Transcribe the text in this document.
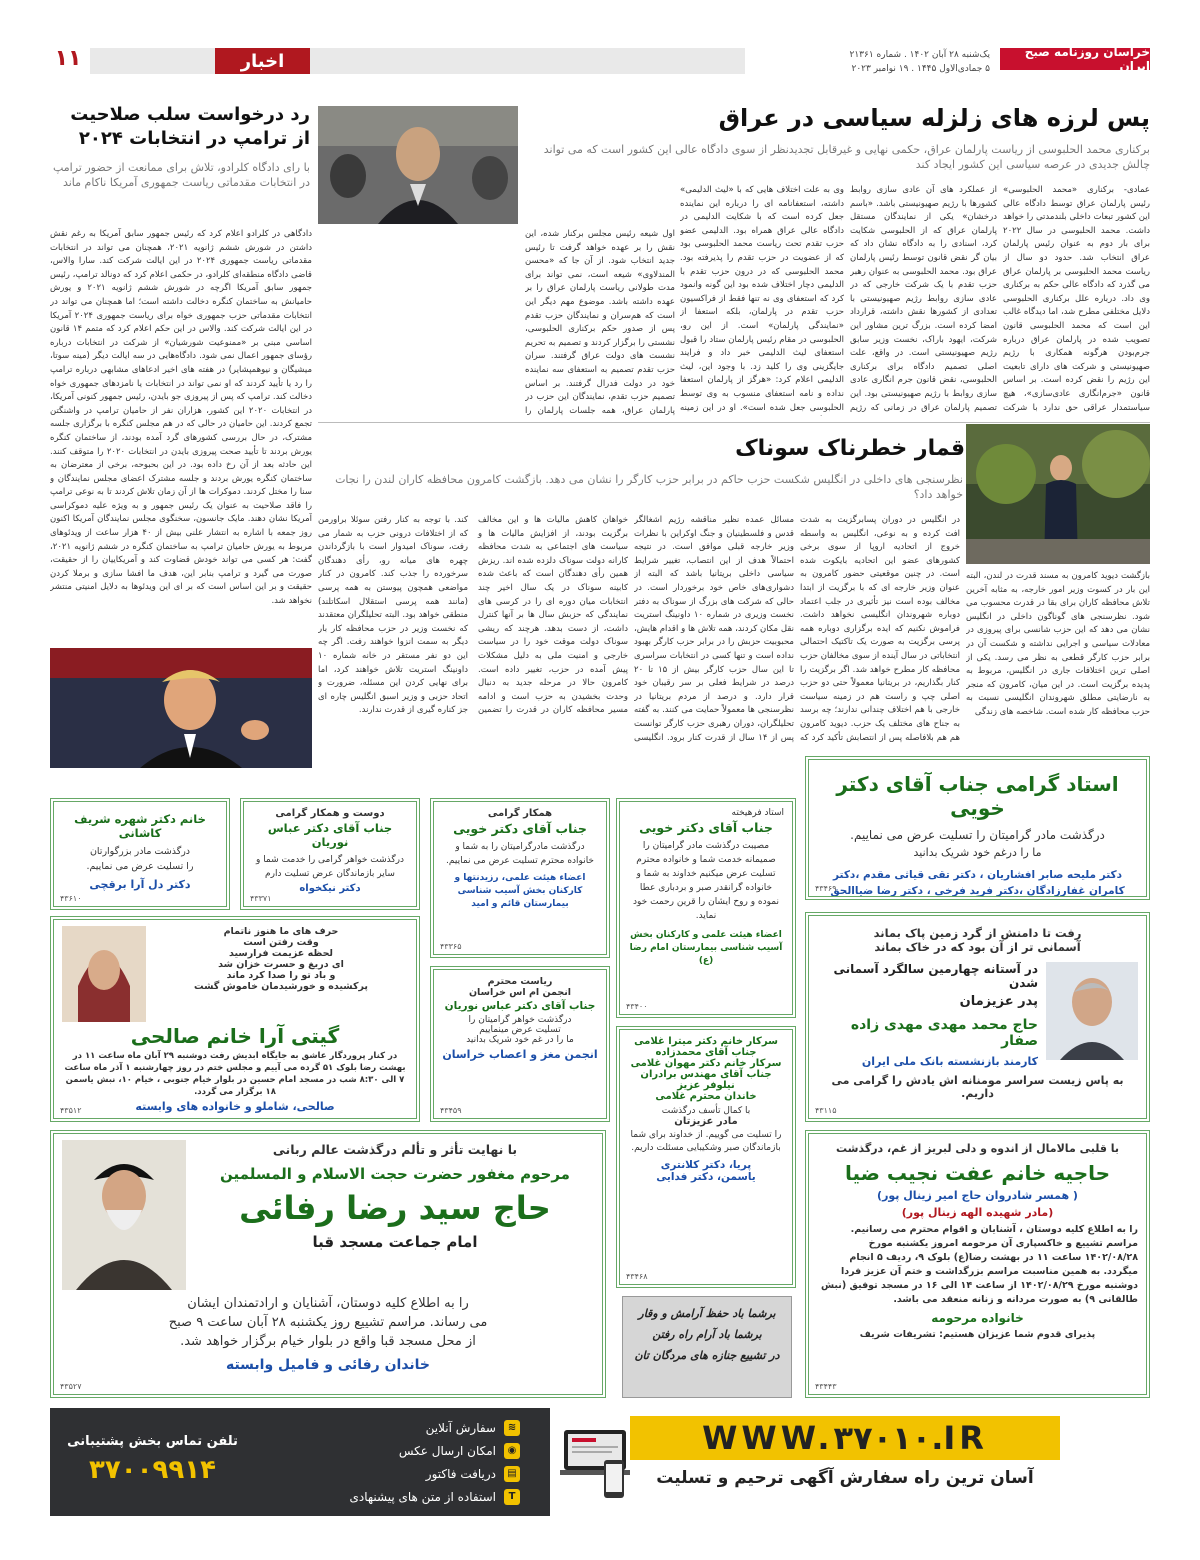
خراسان روزنامه صبح ایران
یک‌شنبه ۲۸ آبان ۱۴۰۲ . شماره ۲۱۳۶۱
۵ جمادی‌الاول ۱۴۴۵ . ۱۹ نوامبر ۲۰۲۳
اخبار
۱۱
پس لرزه های زلزله سیاسی در عراق
برکناری محمد الحلبوسی از ریاست پارلمان عراق، حکمی نهایی و غیرقابل تجدیدنظر از سوی دادگاه عالی این کشور است که می تواند چالش جدیدی در عرصه سیاسی این کشور ایجاد کند
عمادی- برکناری «محمد الحلبوسی» رئیس پارلمان عراق توسط دادگاه عالی این کشور تبعات داخلی بلندمدتی را خواهد داشت. محمد الحلبوسی در سال ۲۰۲۲ برای بار دوم به عنوان رئیس پارلمان عراق انتخاب شد. حدود دو سال از ریاست محمد الحلبوسی بر پارلمان عراق می گذرد که دادگاه عالی حکم به برکناری وی داد. درباره علل برکناری الحلبوسی دلایل مختلفی مطرح شد، اما دیدگاه غالب این است که محمد الحلبوسی قانون تصویب شده در پارلمان عراق درباره جرم‌بودن هرگونه همکاری با رژیم صهیونیستی و شرکت های دارای تابعیت این رژیم را نقض کرده است. بر اساس قانون «جرم‌انگاری عادی‌سازی»، هیچ سیاستمدار عراقی حق ندارد با شرکت
از عملکرد های آن عادی سازی روابط کشورها با رژیم صهیونیستی باشد. «باسم درخشان» یکی از نمایندگان مستقل پارلمان عراق که از الحلبوسی شکایت کرد، اسنادی را به دادگاه نشان داد که بیان گر نقض قانون توسط رئیس پارلمان عراق بود. محمد الحلبوسی به عنوان رهبر حزب تقدم با یک شرکت خارجی که در عادی سازی روابط رژیم صهیونیستی با تعدادی از کشورها نقش داشته، قرارداد امضا کرده است. بزرگ ترین مشاور این شرکت، ایهود باراک، نخست وزیر سابق رژیم صهیونیستی است. در واقع، علت اصلی تصمیم دادگاه برای برکناری الحلبوسی، نقض قانون جرم انگاری عادی سازی روابط با رژیم صهیونیستی بود. این تصمیم پارلمان عراق در زمانی که رژیم
وی به علت اختلاف هایی که با «لیث الدلیمی» داشته، استعفانامه ای را درباره این نماینده جعل کرده است که با شکایت الدلیمی در دادگاه عالی عراق همراه بود. الدلیمی عضو حزب تقدم تحت ریاست محمد الحلبوسی بود که از عضویت در حزب تقدم را پذیرفته بود. محمد الحلبوسی که در درون حزب تقدم با الدلیمی دچار اختلاف شده بود این گونه وانمود کرد که استعفای وی نه تنها فقط از فراکسیون حزب تقدم در پارلمان، بلکه استعفا از «نمایندگی پارلمان» است. از این رو، الحلبوسی در مقام رئیس پارلمان ستاد را قبول استعفای لیث الدلیمی خبر داد و فرایند جایگزینی وی را کلید زد. با وجود این، لیث الدلیمی اعلام کرد: «هرگز از پارلمان استعفا نداده و نامه استعفای منسوب به وی توسط الحلبوسی جعل شده است». او در این زمینه
اول شیعه رئیس مجلس برکنار شده، این نقش را بر عهده خواهد گرفت تا رئیس جدید انتخاب شود. از آن جا که «محسن المندلاوی» شیعه است، نمی تواند برای مدت طولانی ریاست پارلمان عراق را بر عهده داشته باشد. موضوع مهم دیگر این است که هم‌سران و نمایندگان حزب تقدم پس از صدور حکم برکناری الحلبوسی، نشستی را برگزار کردند و تصمیم به تحریم نشست های دولت عراق گرفتند. سران حزب تقدم تصمیم به استعفای سه نماینده خود در دولت فدرال گرفتند. بر اساس تصمیم حزب تقدم، نمایندگان این حزب در پارلمان عراق، همه جلسات پارلمان را
رد درخواست سلب صلاحیت
از ترامپ در انتخابات ۲۰۲۴
با رای دادگاه کلرادو، تلاش برای ممانعت از حضور ترامپ در انتخابات مقدماتی ریاست جمهوری آمریکا ناکام ماند
دادگاهی در کلرادو اعلام کرد که رئیس جمهور سابق آمریکا به رغم نقش داشتن در شورش ششم ژانویه ۲۰۲۱، همچنان می تواند در انتخابات مقدماتی ریاست جمهوری ۲۰۲۴ در این ایالت شرکت کند. سارا والاس، قاضی دادگاه منطقه‌ای کلرادو، در حکمی اعلام کرد که دونالد ترامپ، رئیس جمهور سابق آمریکا اگرچه در شورش ششم ژانویه ۲۰۲۱ و یورش حامیانش به ساختمان کنگره دخالت داشته است؛ اما همچنان می تواند در انتخابات مقدماتی حزب جمهوری خواه برای ریاست جمهوری ۲۰۲۴ آمریکا در این ایالت شرکت کند. والاس در این حکم اعلام کرد که متمم ۱۴ قانون اساسی مبنی بر «ممنوعیت شورشیان» از شرکت در انتخابات درباره رؤسای جمهور اعمال نمی شود. دادگاه‌هایی در سه ایالت دیگر (مینه سوتا، میشیگان و نیوهمپشایر) در هفته های اخیر ادعاهای مشابهی درباره ترامپ را رد یا تأیید کردند که او نمی تواند در انتخابات یا نامزدهای جمهوری خواه دخالت کند. ترامپ که پس از پیروزی جو بایدن، رئیس جمهور کنونی آمریکا، در انتخابات ۲۰۲۰ این کشور، هزاران نفر از حامیان ترامپ در واشنگتن تجمع کردند. این حامیان در حالی که در هم مجلس کنگره با برگزاری جلسه مشترک، در حال بررسی کشورهای گرد آمده بودند، از ساختمان کنگره یورش بردند تا تأیید صحت پیروزی بایدن در انتخابات ۲۰۲۰ را متوقف کنند. این حادثه بعد از آن رخ داده بود. در این بحبوحه، برخی از معترضان به ساختمان کنگره یورش بردند و جلسه مشترک اعضای مجلس نمایندگان و سنا را مختل کردند. دموکرات ها از آن زمان تلاش کردند تا به نوعی ترامپ را فاقد صلاحیت به عنوان یک رئیس جمهور و به ویژه علیه دموکراسی آمریکا نشان دهند. مایک جانسون، سخنگوی مجلس نمایندگان آمریکا اکنون روز جمعه با اشاره به انتشار علنی بیش از ۴۰ هزار ساعت از ویدئوهای مربوط به یورش حامیان ترامپ به ساختمان کنگره در ششم ژانویه ۲۰۲۱، گفت: هر کسی می تواند خودش قضاوت کند و آمریکاییان را از حقیقت، صورت می گیرد و ترامپ بنابر این، هدف ما افشا سازی و برملا کردن حقیقت و بر این اساس است که بر ای این ویدئوها به دلایل امنیتی منتشر نخواهد شد.
قمار خطرناک سوناک
نظرسنجی های داخلی در انگلیس شکست حزب حاکم در برابر حزب کارگر را نشان می دهد. بازگشت کامرون محافظه کاران لندن را نجات خواهد داد؟
بازگشت دیوید کامرون به مسند قدرت در لندن، البته این بار در کسوت وزیر امور خارجه، به مثابه آخرین تلاش محافظه کاران برای بقا در قدرت محسوب می شود. نظرسنجی های گوناگون داخلی در انگلیس نشان می دهد که این حزب شانسی برای پیروزی در معادلات سیاسی و اجرایی نداشته و شکست آن در برابر حزب کارگر قطعی به نظر می رسد. یکی از اصلی ترین اختلافات جاری در انگلیس، مربوط به پدیده برگزیت است. در این میان، کامرون که منجر به نارضایتی مطلق شهروندان انگلیسی نسبت به حزب محافظه کار شده است. شاخصه های زندگی
در انگلیس در دوران پسابرگزیت به شدت افت کرده و به نوعی، انگلیس به واسطه خروج از اتحادیه اروپا از سوی برخی کشورهای عضو این اتحادیه بایکوت شده است. در چنین موقعیتی حضور کامرون به عنوان وزیر خارجه ای که با برگزیت از ابتدا مخالف بوده است نیز تأثیری در جلب اعتماد دوباره شهروندان انگلیسی نخواهد داشت. فراموش نکنیم که ایده برگزاری دوباره همه پرسی برگزیت به صورت یک تاکتیک احتمالی انتخاباتی در سال آینده از سوی مخالفان حزب محافظه کار مطرح خواهد شد. اگر برگزیت را کنار بگذاریم، در بریتانیا معمولاً حتی دو حزب اصلی چپ و راست هم در زمینه سیاست خارجی با هم اختلاف چندانی ندارند؛ چه برسد به جناح های مختلف یک حزب. دیوید کامرون هم هم بلافاصله پس از انتصابش تأکید کرد که
مسائل عمده نظیر مناقشه رژیم اشغالگر قدس و فلسطینیان و جنگ اوکراین با نظرات وزیر خارجه قبلی موافق است. در نتیجه احتمالاً هدف از این انتصاب، تغییر شرایط سیاسی داخلی بریتانیا باشد که البته از دشواری‌های خاص خود برخوردار است. در حالی که شرکت های بزرگ از سوناک به دفتر نخست وزیری در شماره ۱۰ داونینگ استریت نقل مکان کردند، همه تلاش ها و اقدام هایش، محبوبیت حزبش را در برابر حزب کارگر بهبود نداده است و تنها کسی در انتخابات سراسری تا این سال حزب کارگر بیش از ۱۵ تا ۲۰ درصد در شرایط فعلی بر سر رقیبان خود قرار دارد. و درصد از مردم بریتانیا در نظرسنجی ها معمولاً حمایت می کنند. به گفته تحلیلگران، دوران رهبری حزب کارگر توانست پس از ۱۴ سال از قدرت کنار برود. انگلیسی
خواهان کاهش مالیات ها و این مخالف برگزیت بودند، از افزایش مالیات ها و سیاست های اجتماعی به شدت محافظه کارانه دولت سوناک دلزده شده اند. ریزش همین رأی دهندگان است که باعث شده کابینه سوناک در یک سال اخیر چند انتخابات میان دوره ای را در کرسی های نمایندگی که حزبش سال ها بر آنها کنترل داشت، از دست بدهد. هرچند که ریشی سوناک دولت موقت خود را در سیاست خارجی و امنیت ملی به دلیل مشکلات پیش آمده در حزب، تغییر داده است. کامرون حالا در مرحله جدید به دنبال وحدت بخشیدن به حزب است و ادامه مسیر محافظه کاران در قدرت را تضمین کند. با توجه به کنار رفتن سوئلا براورمن که از اختلافات درونی حزب به شمار می رفت، سوناک امیدوار است با بازگرداندن چهره های میانه رو، رأی دهندگان سرخورده را جذب کند. کامرون در کنار مواضعی همچون پیوستن به همه پرسی (مانند همه پرسی استقلال اسکاتلند) منطقی خواهد بود. البته تحلیلگران معتقدند که نخست وزیر در حزب محافظه کار بار دیگر به سمت انزوا خواهند رفت. اگر چه این دو نفر مستقر در خانه شماره ۱۰ داونینگ استریت تلاش خواهند کرد، اما برای نهایی کردن این مسئله، ضرورت و اتحاد حزبی و وزیر اسبق انگلیس چاره ای جز کناره گیری از قدرت ندارند.
استاد گرامی جناب آقای دکتر خویی
درگذشت مادر گرامیتان را تسلیت عرض می نماییم.
ما را درغم خود شریک بدانید
دکتر ملیحه صابر افشاریان ، دکتر تقی قیاثی مقدم ،دکتر
کامران غفارزادگان ،دکتر فرید فرخی ، دکتر رضا ضیاالحق
۴۳۴۶۹
رفت تا دامنش از گرد زمین پاک بماند
آسمانی تر از آن بود که در خاک بماند
در آستانه چهارمین سالگرد آسمانی شدن
پدر عزیزمان
حاج محمد مهدی مهدی زاده صفار
کارمند بازنشسته بانک ملی ایران
به پاس زیست سراسر مومنانه اش یادش را گرامی می داریم.
۴۳۱۱۵
استاد فرهیخته
جناب آقای دکتر خویی
مصیبت درگذشت مادر گرامیتان را صمیمانه خدمت شما و خانواده محترم تسلیت عرض میکنیم خداوند به شما و خانواده گرانقدر صبر و بردباری عطا نموده و روح ایشان را قرین رحمت خود نماید.
اعضاء هیئت علمی و کارکنان بخش آسیب شناسی بیمارستان امام رضا (ع)
۴۳۴۰۰
همکار گرامی
جناب آقای دکتر خویی
درگذشت مادرگرامیتان را به شما و خانواده محترم تسلیت عرض می نماییم.
اعضاء هیئت علمی، رزیدنتها و کارکنان بخش آسیب شناسی بیمارستان قائم و امید
۴۳۳۶۵
دوست و همکار گرامی
جناب آقای دکتر عباس نوریان
درگذشت خواهر گرامی را خدمت شما و سایر بازماندگان عرض تسلیت دارم
دکتر نیکخواه
۴۳۳۷۱
خانم دکتر شهره شریف کاشانی
درگذشت مادر بزرگوارتان
را تسلیت عرض می نماییم.
دکتر دل آرا برقچی
۴۳۶۱۰
حرف های ما هنوز ناتمام
وقت رفتن است
لحظه عزیمت فرارسید
ای دریغ و حسرت خزان شد
و باد تو را صدا کرد ماند
پرکشیده و خورشیدمان خاموش گشت
گیتی آرا خانم صالحی
در کنار پروردگار عاشق به جایگاه ابدیش رفت دوشنبه ۲۹ آبان ماه ساعت ۱۱ در بهشت رضا بلوک ۵۱ گرده می آییم و مجلس ختم در روز چهارشنبه ۱ آذر ماه ساعت ۷ الی ۸:۳۰ شب در مسجد امام حسین در بلوار خیام جنوبی ، خیام ۱۰، نبش یاسمن ۱۸ برگزار می گردد.
صالحی، شاملو و خانواده های وابسته
۴۳۵۱۲
ریاست محترم
انجمن ام اس خراسان
جناب آقای دکتر عباس نوریان
درگذشت خواهر گرامیتان را
تسلیت عرض مینماییم
ما را در غم خود شریک بدانید
انجمن مغز و اعصاب خراسان
۴۳۴۵۹
سرکار خانم دکتر میترا غلامی
جناب آقای محمدزاده
سرکار خانم دکتر مهوان غلامی
جناب آقای مهندس برادران
نیلوفر عزیز
خاندان محترم غلامی
با کمال تأسف درگذشت
مادر عزیزتان
را تسلیت می گوییم. از خداوند برای شما بازماندگان صبر وشکیبایی مسئلت داریم.
پریا، دکتر کلانتری
یاسمن، دکتر فدایی
۴۳۴۶۸
با نهایت تأثر و تألم درگذشت عالم ربانی
مرحوم مغفور حضرت حجت الاسلام و المسلمین
حاج سید رضا رفائی
امام جماعت مسجد قبا
را به اطلاع کلیه دوستان، آشنایان و ارادتمندان ایشان
می رساند. مراسم تشییع روز یکشنبه ۲۸ آبان ساعت ۹ صبح
از محل مسجد قبا واقع در بلوار خیام برگزار خواهد شد.
خاندان رفائی و فامیل وابسته
۴۳۵۲۷
برشما باد حفظ آرامش و وقار
برشما باد آرام راه رفتن
در تشییع جنازه های مردگان تان
با قلبی مالامال از اندوه و دلی لبریز از غم، درگذشت
حاجیه خانم عفت نجیب ضیا
( همسر شادروان حاج امیر زینال پور)
(مادر شهیده الهه زینال پور)
را به اطلاع کلیه دوستان ، آشنایان و اقوام محترم می رسانیم. مراسم تشییع و خاکسپاری آن مرحومه امروز یکشنبه مورخ ۱۴۰۲/۰۸/۲۸ ساعت ۱۱ در بهشت رضا(ع) بلوک ۹، ردیف ۵ انجام میگردد. به همین مناسبت مراسم بزرگداشت و ختم آن عزیز فردا دوشنبه مورخ ۱۴۰۲/۰۸/۲۹ از ساعت ۱۴ الی ۱۶ در مسجد توفیق (نبش طالقانی ۹) به صورت مردانه و زنانه منعقد می باشد.
خانواده مرحومه
پذیرای قدوم شما عزیزان هستیم: تشریفات شریف
۴۳۴۴۳
WWW.۳۷۰۱۰.IR
آسان ترین راه سفارش آگهی ترحیم و تسلیت
≋
سفارش آنلاین
◉
امکان ارسال عکس
▤
دریافت فاکتور
T
استفاده از متن های پیشنهادی
تلفن تماس بخش پشتیبانی
۳۷۰۰۹۹۱۴
